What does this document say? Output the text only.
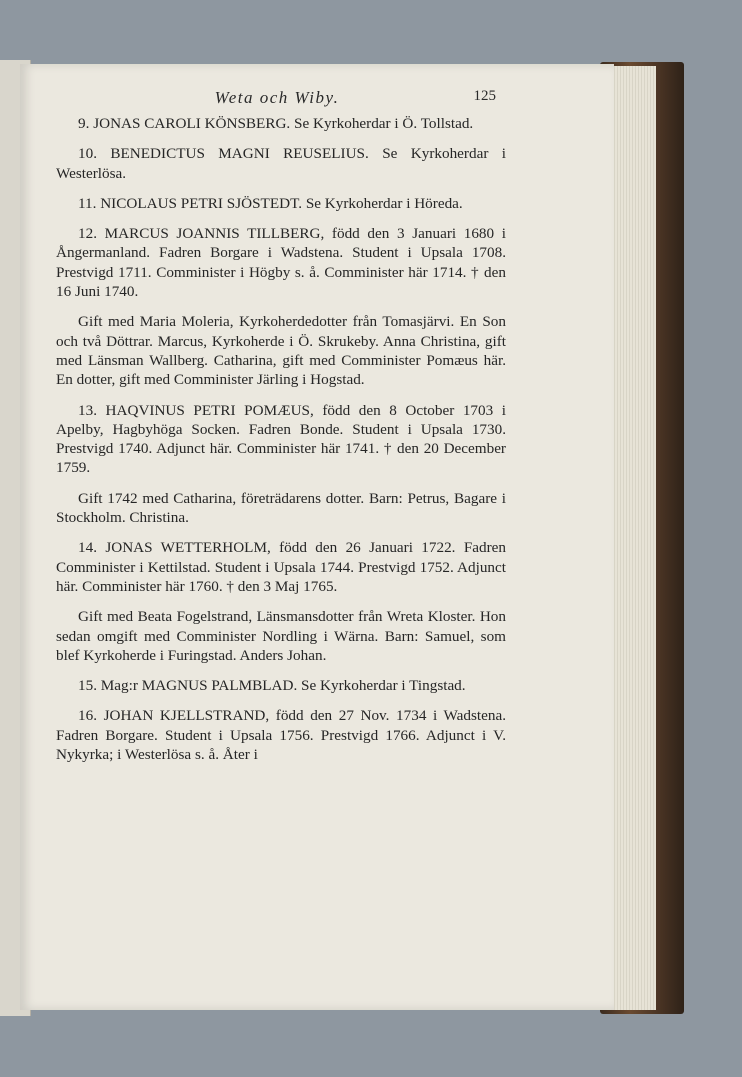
Weta och Wiby.	125

9. JONAS CAROLI KÖNSBERG. Se Kyrkoherdar i Ö. Tollstad.

10. BENEDICTUS MAGNI REUSELIUS. Se Kyrkoherdar i Westerlösa.

11. NICOLAUS PETRI SJÖSTEDT. Se Kyrkoherdar i Höreda.

12. MARCUS JOANNIS TILLBERG, född den 3 Januari 1680 i Ångermanland. Fadren Borgare i Wadstena. Student i Upsala 1708. Prestvigd 1711. Comminister i Högby s. å. Comminister här 1714. † den 16 Juni 1740.

Gift med Maria Moleria, Kyrkoherdedotter från Tomasjärvi. En Son och två Döttrar. Marcus, Kyrkoherde i Ö. Skrukeby. Anna Christina, gift med Länsman Wallberg. Catharina, gift med Comminister Pomæus här. En dotter, gift med Comminister Järling i Hogstad.

13. HAQVINUS PETRI POMÆUS, född den 8 October 1703 i Apelby, Hagbyhöga Socken. Fadren Bonde. Student i Upsala 1730. Prestvigd 1740. Adjunct här. Comminister här 1741. † den 20 December 1759.

Gift 1742 med Catharina, företrädarens dotter. Barn: Petrus, Bagare i Stockholm. Christina.

14. JONAS WETTERHOLM, född den 26 Januari 1722. Fadren Comminister i Kettilstad. Student i Upsala 1744. Prestvigd 1752. Adjunct här. Comminister här 1760. † den 3 Maj 1765.

Gift med Beata Fogelstrand, Länsmansdotter från Wreta Kloster. Hon sedan omgift med Comminister Nordling i Wärna. Barn: Samuel, som blef Kyrkoherde i Furingstad. Anders Johan.

15. Mag:r MAGNUS PALMBLAD. Se Kyrkoherdar i Tingstad.

16. JOHAN KJELLSTRAND, född den 27 Nov. 1734 i Wadstena. Fadren Borgare. Student i Upsala 1756. Prestvigd 1766. Adjunct i V. Nykyrka; i Westerlösa s. å. Åter i
